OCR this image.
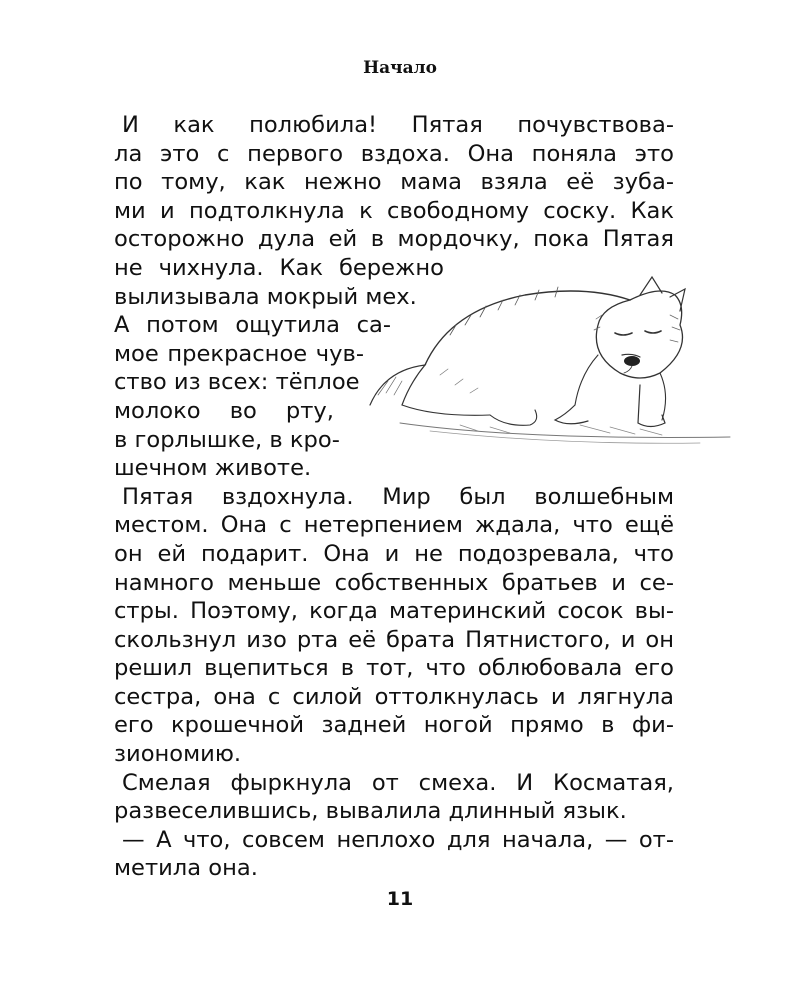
Начало

И как полюбила! Пятая почувствова-
ла это с первого вздоха. Она поняла это
по тому, как нежно мама взяла её зуба-
ми и подтолкнула к свободному соску. Как
осторожно дула ей в мордочку, пока Пятая
не чихнула. Как бережно
вылизывала мокрый мех.
А потом ощутила са-
мое прекрасное чув-
ство из всех: тёплое
молоко во рту,
в горлышке, в кро-
шечном животе.

Пятая вздохнула. Мир был волшебным
местом. Она с нетерпением ждала, что ещё
он ей подарит. Она и не подозревала, что
намного меньше собственных братьев и се-
стры. Поэтому, когда материнский сосок вы-
скользнул изо рта её брата Пятнистого, и он
решил вцепиться в тот, что облюбовала его
сестра, она с силой оттолкнулась и лягнула
его крошечной задней ногой прямо в фи-
зиономию.

Смелая фыркнула от смеха. И Косматая,
развеселившись, вывалила длинный язык.

— А что, совсем неплохо для начала, — от-
метила она.

11
